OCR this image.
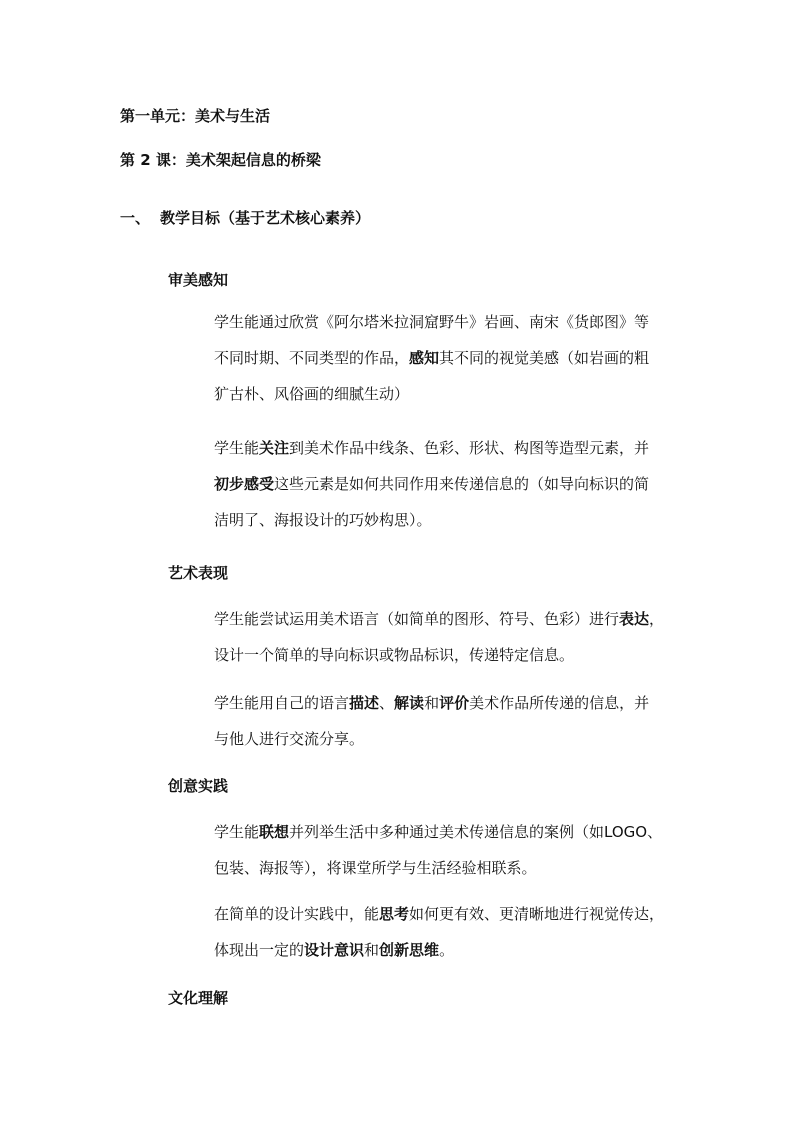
第一单元：美术与生活
第 2 课：美术架起信息的桥梁
一、 教学目标（基于艺术核心素养）
审美感知
学生能通过欣赏《阿尔塔米拉洞窟野牛》岩画、南宋《货郎图》等
不同时期、不同类型的作品，感知其不同的视觉美感（如岩画的粗
犷古朴、风俗画的细腻生动）
学生能关注到美术作品中线条、色彩、形状、构图等造型元素，并
初步感受这些元素是如何共同作用来传递信息的（如导向标识的简
洁明了、海报设计的巧妙构思）。
艺术表现
学生能尝试运用美术语言（如简单的图形、符号、色彩）进行表达，
设计一个简单的导向标识或物品标识，传递特定信息。
学生能用自己的语言描述、解读和评价美术作品所传递的信息，并
与他人进行交流分享。
创意实践
学生能联想并列举生活中多种通过美术传递信息的案例（如LOGO、
包装、海报等），将课堂所学与生活经验相联系。
在简单的设计实践中，能思考如何更有效、更清晰地进行视觉传达，
体现出一定的设计意识和创新思维。
文化理解
